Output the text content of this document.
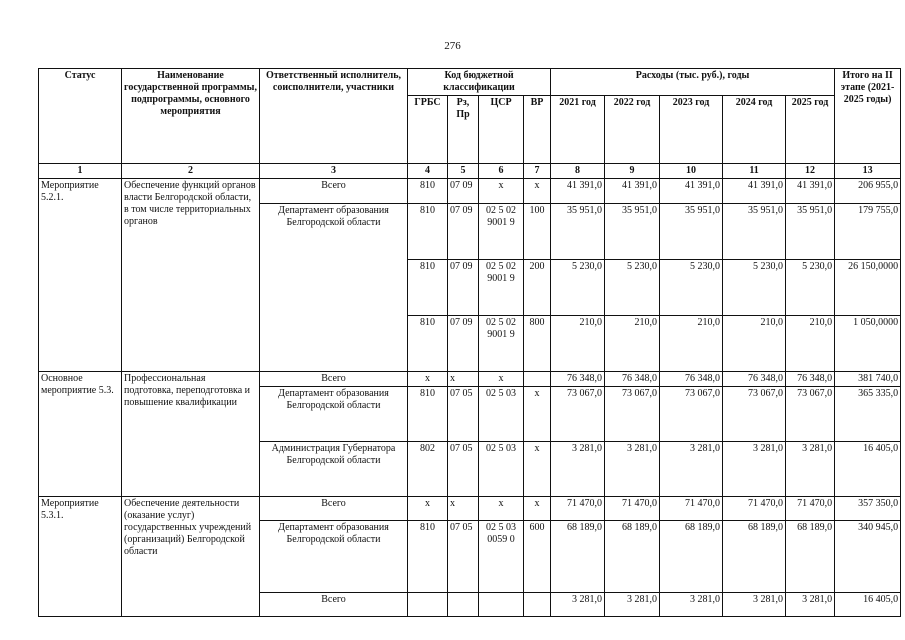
276
Статус	Наименование государственной программы, подпрограммы, основного мероприятия	Ответственный исполнитель, соисполнители, участники	Код бюджетной классификации				Расходы (тыс. руб.), годы					Итого на II этапе (2021-2025 годы)
			ГРБС	Рз, Пр	ЦСР	ВР	2021 год	2022 год	2023 год	2024 год	2025 год	
1	2	3	4	5	6	7	8	9	10	11	12	13
Мероприятие 5.2.1.	Обеспечение функций органов власти Белгородской области, в том числе территориальных органов	Всего	810	07 09	х	х	41 391,0	41 391,0	41 391,0	41 391,0	41 391,0	206 955,0
		Департамент образования Белгородской области	810	07 09	02 5 02 9001 9	100	35 951,0	35 951,0	35 951,0	35 951,0	35 951,0	179 755,0
			810	07 09	02 5 02 9001 9	200	5 230,0	5 230,0	5 230,0	5 230,0	5 230,0	26 150,0000
			810	07 09	02 5 02 9001 9	800	210,0	210,0	210,0	210,0	210,0	1 050,0000
Основное мероприятие 5.3.	Профессиональная подготовка, переподготовка и повышение квалификации	Всего	х	х	х		76 348,0	76 348,0	76 348,0	76 348,0	76 348,0	381 740,0
		Департамент образования Белгородской области	810	07 05	02 5 03	х	73 067,0	73 067,0	73 067,0	73 067,0	73 067,0	365 335,0
		Администрация Губернатора Белгородской области	802	07 05	02 5 03	х	3 281,0	3 281,0	3 281,0	3 281,0	3 281,0	16 405,0
Мероприятие 5.3.1.	Обеспечение деятельности (оказание услуг) государственных учреждений (организаций) Белгородской области	Всего	х	х	х	х	71 470,0	71 470,0	71 470,0	71 470,0	71 470,0	357 350,0
		Департамент образования Белгородской области	810	07 05	02 5 03 0059 0	600	68 189,0	68 189,0	68 189,0	68 189,0	68 189,0	340 945,0
		Всего					3 281,0	3 281,0	3 281,0	3 281,0	3 281,0	16 405,0
